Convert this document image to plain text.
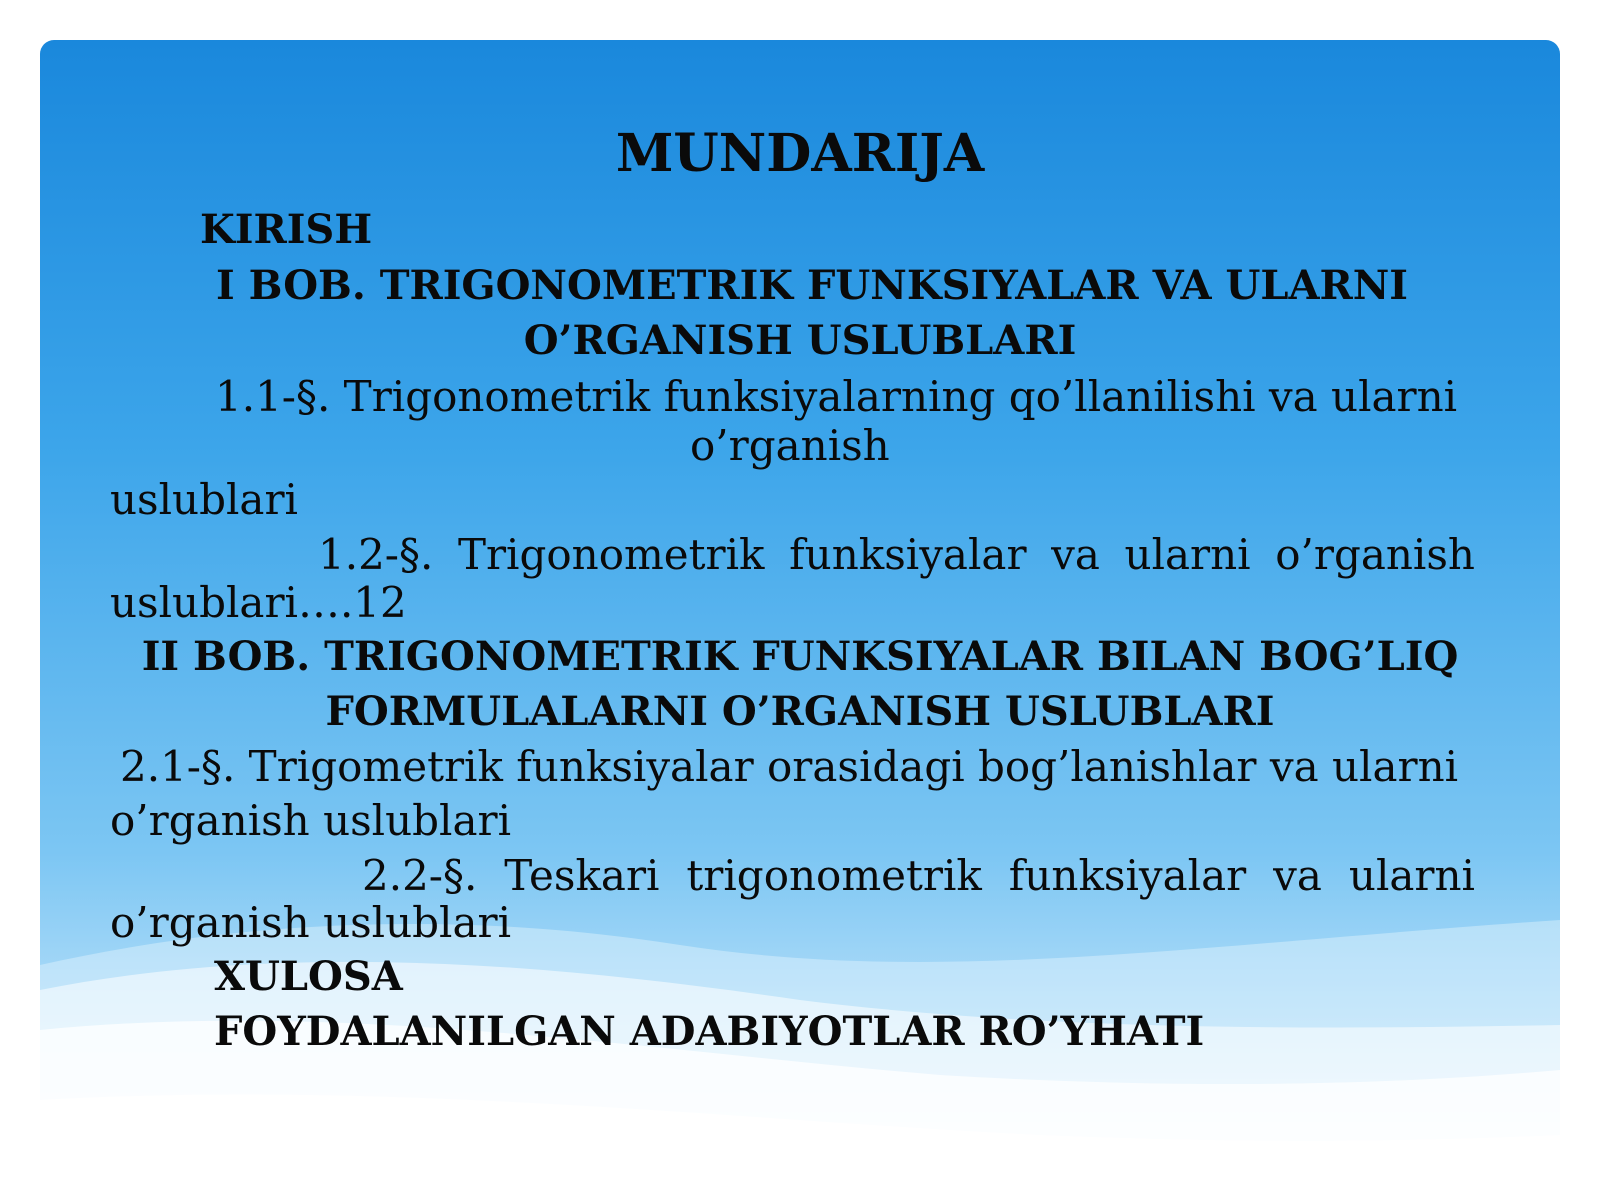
MUNDARIJA
KIRISH
I BOB. TRIGONOMETRIK FUNKSIYALAR VA ULARNI
O’RGANISH USLUBLARI
1.1-§. Trigonometrik funksiyalarning qo’llanilishi va ularni
o’rganish
uslublari
1.2-§. Trigonometrik funksiyalar va ularni o’rganish
uslublari….12
II BOB. TRIGONOMETRIK FUNKSIYALAR BILAN BOG’LIQ
FORMULALARNI O’RGANISH USLUBLARI
2.1-§. Trigometrik funksiyalar orasidagi bog’lanishlar va ularni
o’rganish uslublari
2.2-§. Teskari trigonometrik funksiyalar va ularni
o’rganish uslublari
XULOSA
FOYDALANILGAN ADABIYOTLAR RO’YHATI
